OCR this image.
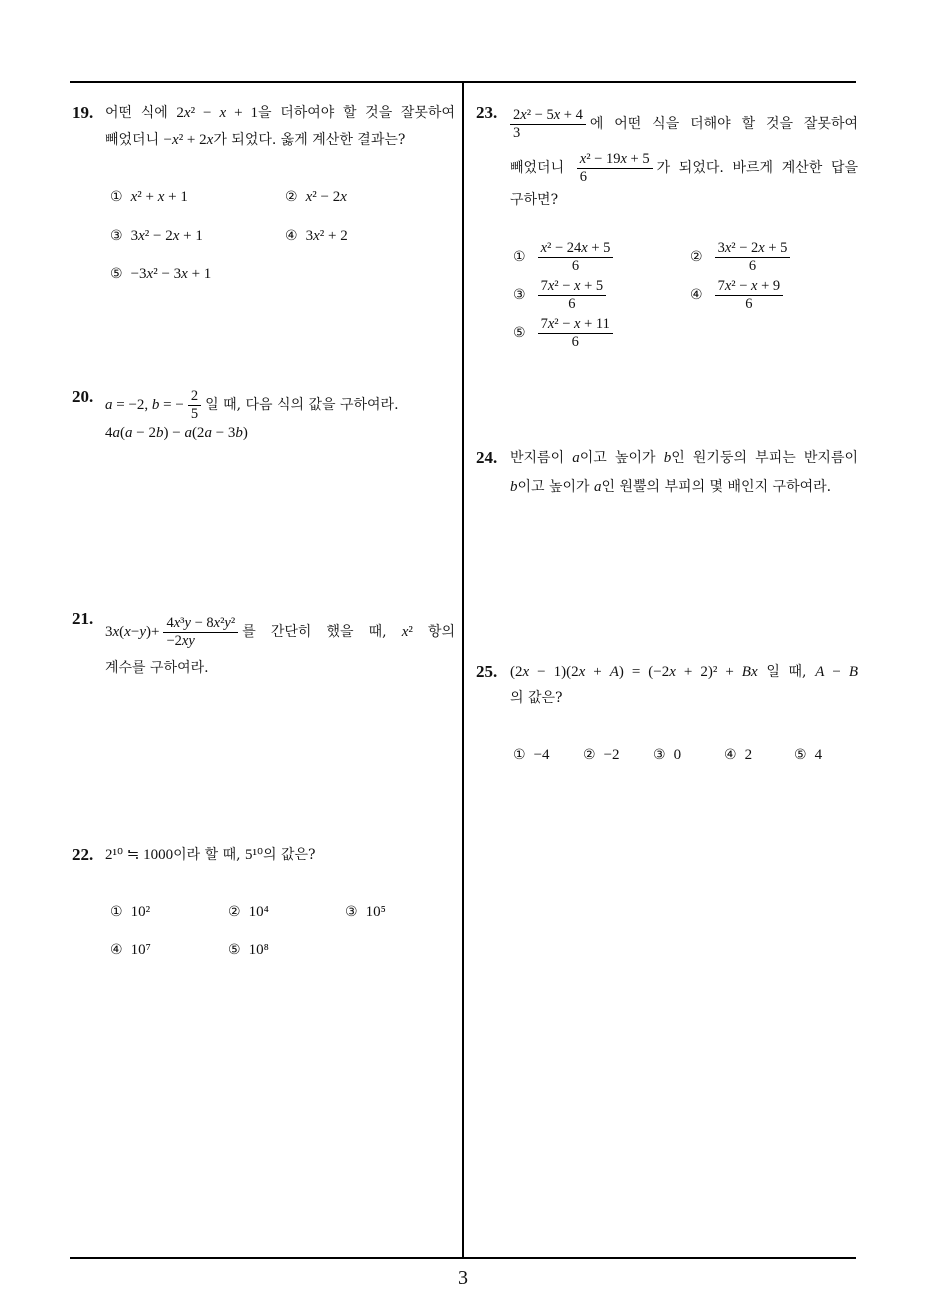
19. 어떤 식에 2x² − x + 1을 더하여야 할 것을 잘못하여
빼었더니 −x² + 2x가 되었다. 옳게 계산한 결과는?
① x² + x + 1	② x² − 2x
③ 3x² − 2x + 1	④ 3x² + 2
⑤ −3x² − 3x + 1
20. a = −2, b = − $\frac{2}{5}$ 일 때, 다음 식의 값을 구하여라.
4a(a − 2b) − a(2a − 3b)
21.
$3x(x-y)+ \frac{\text{4x³y − 8x²y²}}{-2xy}$ 를 간단히 했을 때, x² 항의
계수를 구하여라.
22. 2¹⁰ ≒ 1000이라 할 때, 5¹⁰의 값은?
① 10²	② 10⁴	③ 10⁵
④ 10⁷	⑤ 10⁸
23. $\frac{\text{2x² − 5x + 4}}{3}$ 에 어떤 식을 더해야 할 것을 잘못하여
빼었더니 $\frac{\text{x² − 19x + 5}}{6}$ 가 되었다. 바르게 계산한 답을
구하면?
① $\frac{\text{x² − 24x + 5}}{6}$	② $\frac{\text{3x² − 2x + 5}}{6}$
③ $\frac{\text{7x² − x + 5}}{6}$	④ $\frac{\text{7x² − x + 9}}{6}$
⑤ $\frac{\text{7x² − x + 11}}{6}$
24. 반지름이 a이고 높이가 b인 원기둥의 부피는 반지름이
b이고 높이가 a인 원뿔의 부피의 몇 배인지 구하여라.
25. (2x − 1)(2x + A) = (−2x + 2)² + Bx 일 때, A − B
의 값은?
① −4 ② −2 ③ 0	④ 2	⑤ 4
3
